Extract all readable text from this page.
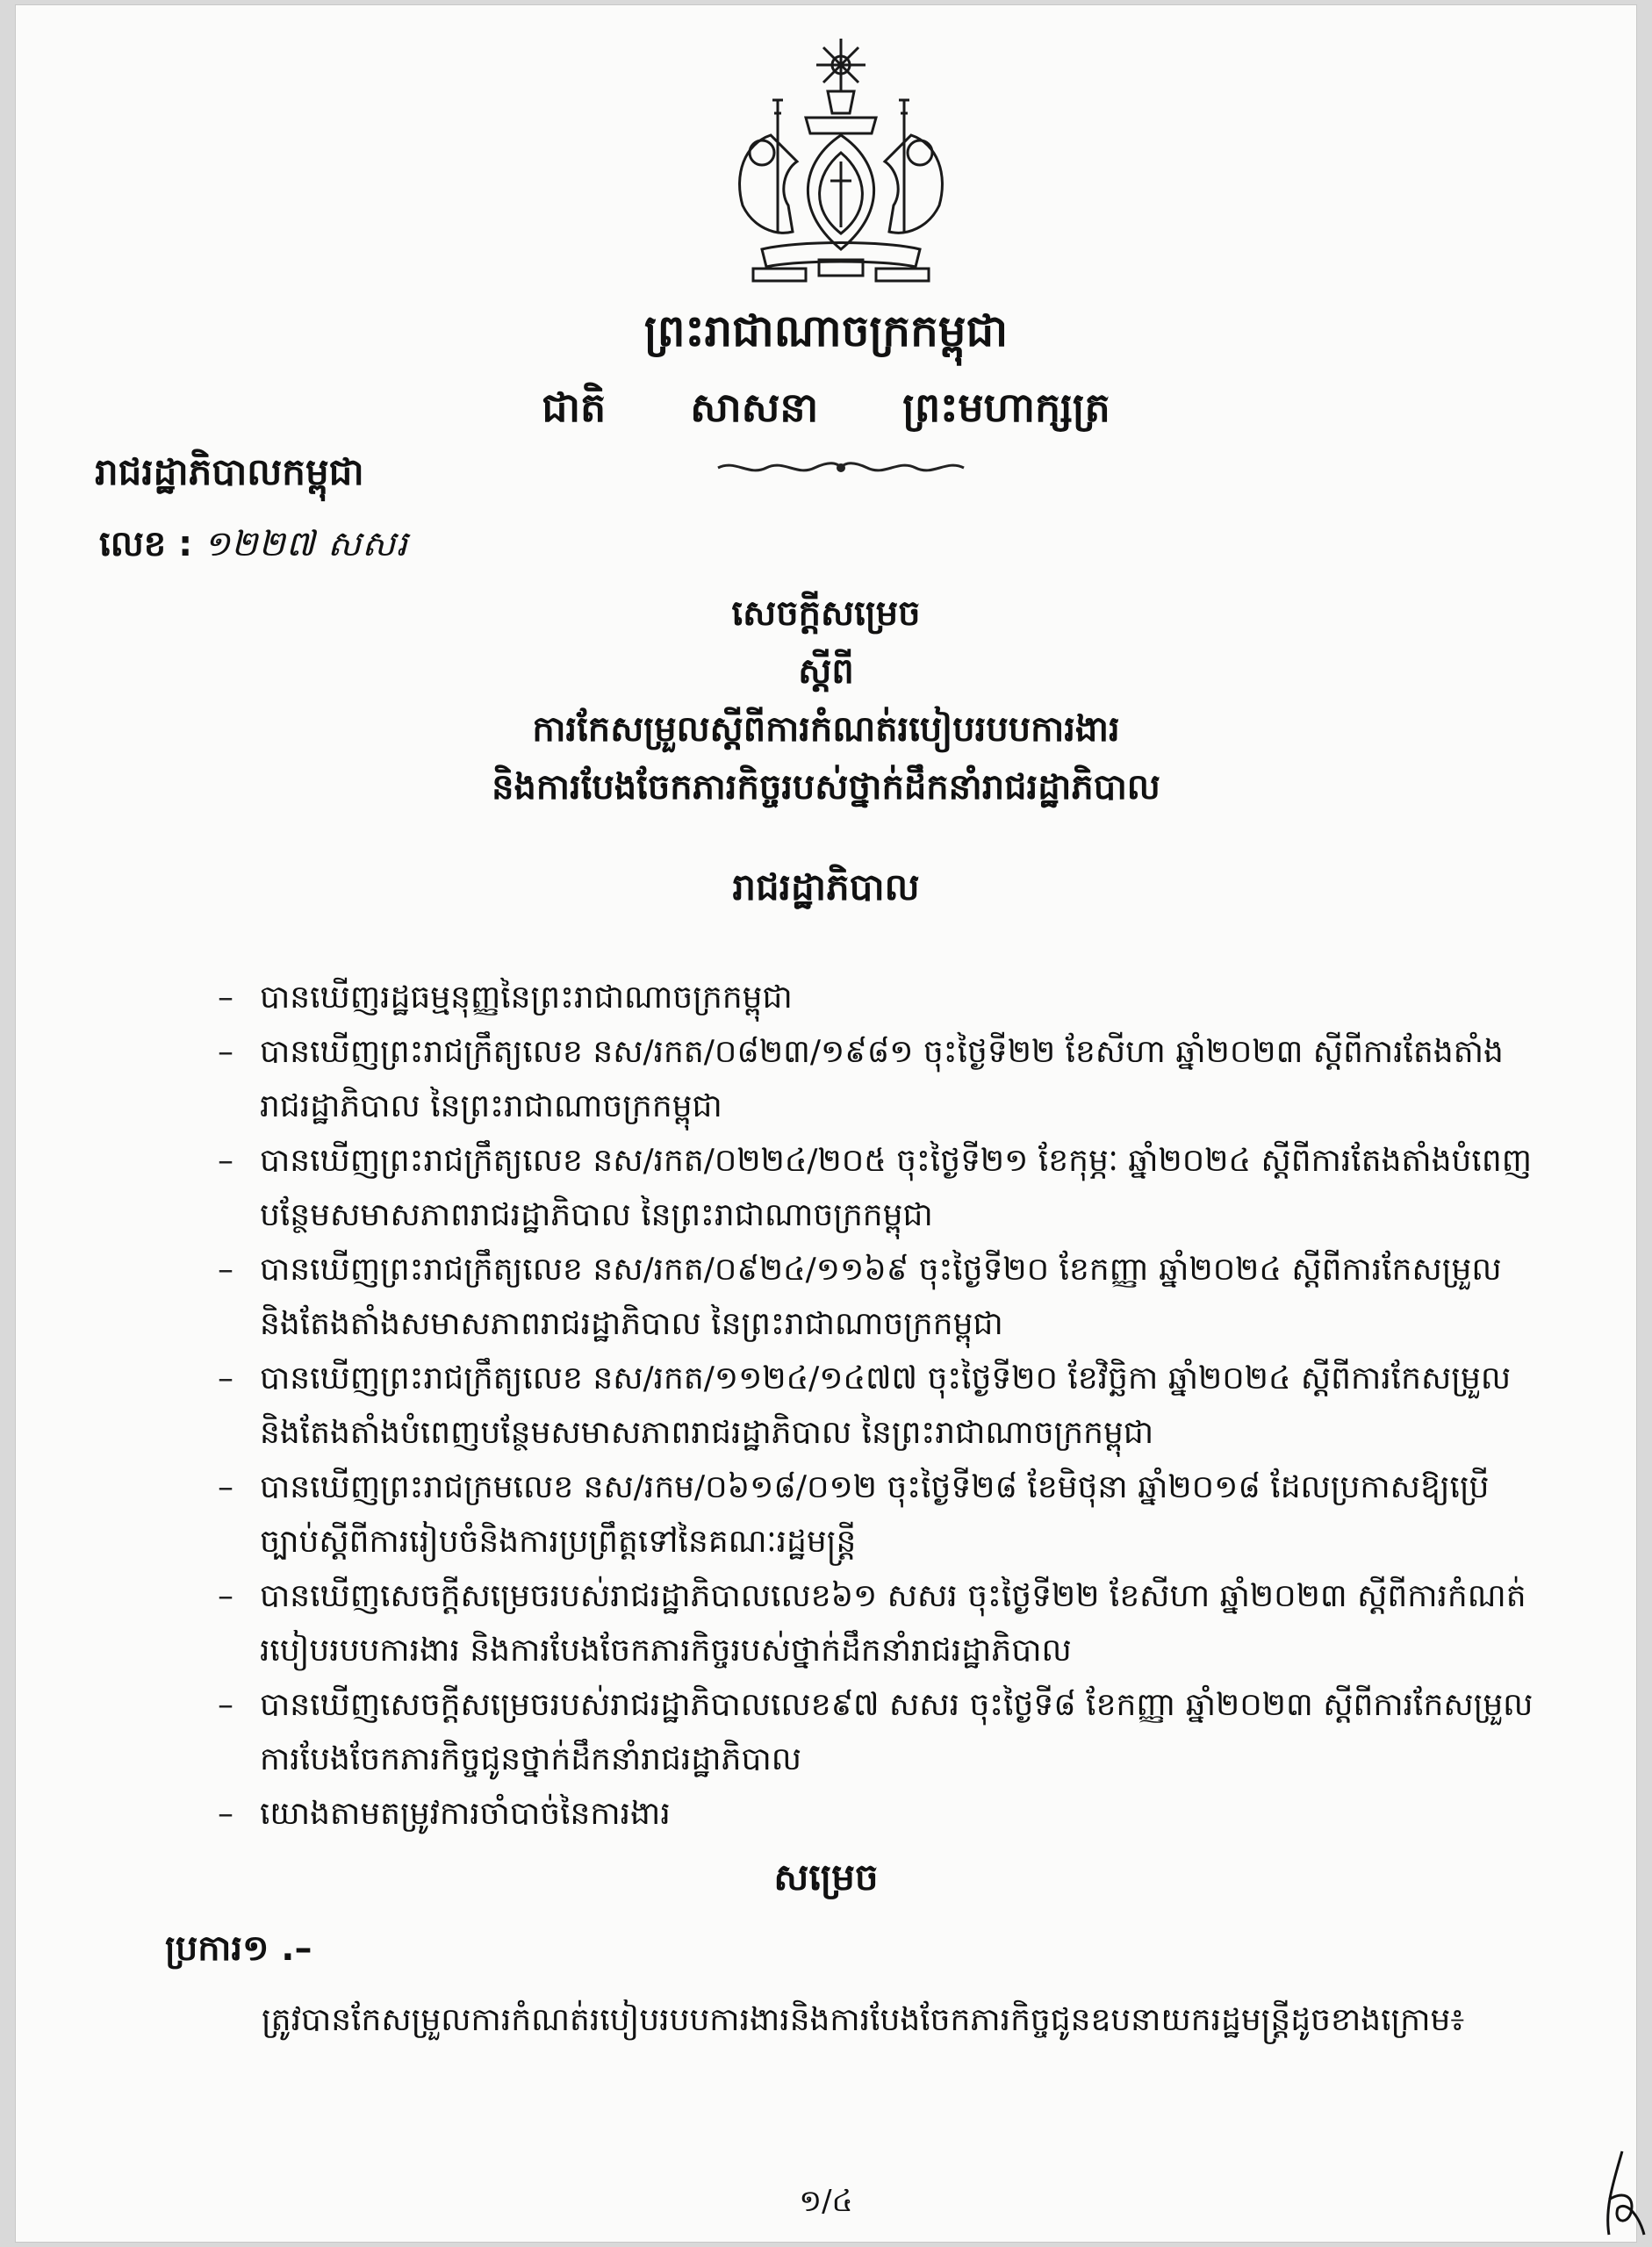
ព្រះរាជាណាចក្រកម្ពុជា
ជាតិ សាសនា ព្រះមហាក្សត្រ
រាជរដ្ឋាភិបាលកម្ពុជា
លេខ : ១២២៧ សសរ
សេចក្តីសម្រេច
ស្តីពី
ការកែសម្រួលស្តីពីការកំណត់របៀបរបបការងារ
និងការបែងចែកភារកិច្ចរបស់ថ្នាក់ដឹកនាំរាជរដ្ឋាភិបាល
រាជរដ្ឋាភិបាល
– បានឃើញរដ្ឋធម្មនុញ្ញនៃព្រះរាជាណាចក្រកម្ពុជា
– បានឃើញព្រះរាជក្រឹត្យលេខ នស/រកត/០៨២៣/១៩៨១ ចុះថ្ងៃទី២២ ខែសីហា ឆ្នាំ២០២៣ ស្តីពីការតែងតាំងរាជរដ្ឋាភិបាល នៃព្រះរាជាណាចក្រកម្ពុជា
– បានឃើញព្រះរាជក្រឹត្យលេខ នស/រកត/០២២៤/២០៥ ចុះថ្ងៃទី២១ ខែកុម្ភៈ ឆ្នាំ២០២៤ ស្តីពីការតែងតាំងបំពេញបន្ថែមសមាសភាពរាជរដ្ឋាភិបាល នៃព្រះរាជាណាចក្រកម្ពុជា
– បានឃើញព្រះរាជក្រឹត្យលេខ នស/រកត/០៩២៤/១១៦៩ ចុះថ្ងៃទី២០ ខែកញ្ញា ឆ្នាំ២០២៤ ស្តីពីការកែសម្រួលនិងតែងតាំងសមាសភាពរាជរដ្ឋាភិបាល នៃព្រះរាជាណាចក្រកម្ពុជា
– បានឃើញព្រះរាជក្រឹត្យលេខ នស/រកត/១១២៤/១៤៧៧ ចុះថ្ងៃទី២០ ខែវិច្ឆិកា ឆ្នាំ២០២៤ ស្តីពីការកែសម្រួលនិងតែងតាំងបំពេញបន្ថែមសមាសភាពរាជរដ្ឋាភិបាល នៃព្រះរាជាណាចក្រកម្ពុជា
– បានឃើញព្រះរាជក្រមលេខ នស/រកម/០៦១៨/០១២ ចុះថ្ងៃទី២៨ ខែមិថុនា ឆ្នាំ២០១៨ ដែលប្រកាសឱ្យប្រើច្បាប់ស្តីពីការរៀបចំនិងការប្រព្រឹត្តទៅនៃគណៈរដ្ឋមន្ត្រី
– បានឃើញសេចក្តីសម្រេចរបស់រាជរដ្ឋាភិបាលលេខ៦១ សសរ ចុះថ្ងៃទី២២ ខែសីហា ឆ្នាំ២០២៣ ស្តីពីការកំណត់របៀបរបបការងារ និងការបែងចែកភារកិច្ចរបស់ថ្នាក់ដឹកនាំរាជរដ្ឋាភិបាល
– បានឃើញសេចក្តីសម្រេចរបស់រាជរដ្ឋាភិបាលលេខ៩៧ សសរ ចុះថ្ងៃទី៨ ខែកញ្ញា ឆ្នាំ២០២៣ ស្តីពីការកែសម្រួលការបែងចែកភារកិច្ចជូនថ្នាក់ដឹកនាំរាជរដ្ឋាភិបាល
– យោងតាមតម្រូវការចាំបាច់នៃការងារ
សម្រេច
ប្រការ១ .–
ត្រូវបានកែសម្រួលការកំណត់របៀបរបបការងារនិងការបែងចែកភារកិច្ចជូនឧបនាយករដ្ឋមន្ត្រីដូចខាងក្រោម៖
១/៤
